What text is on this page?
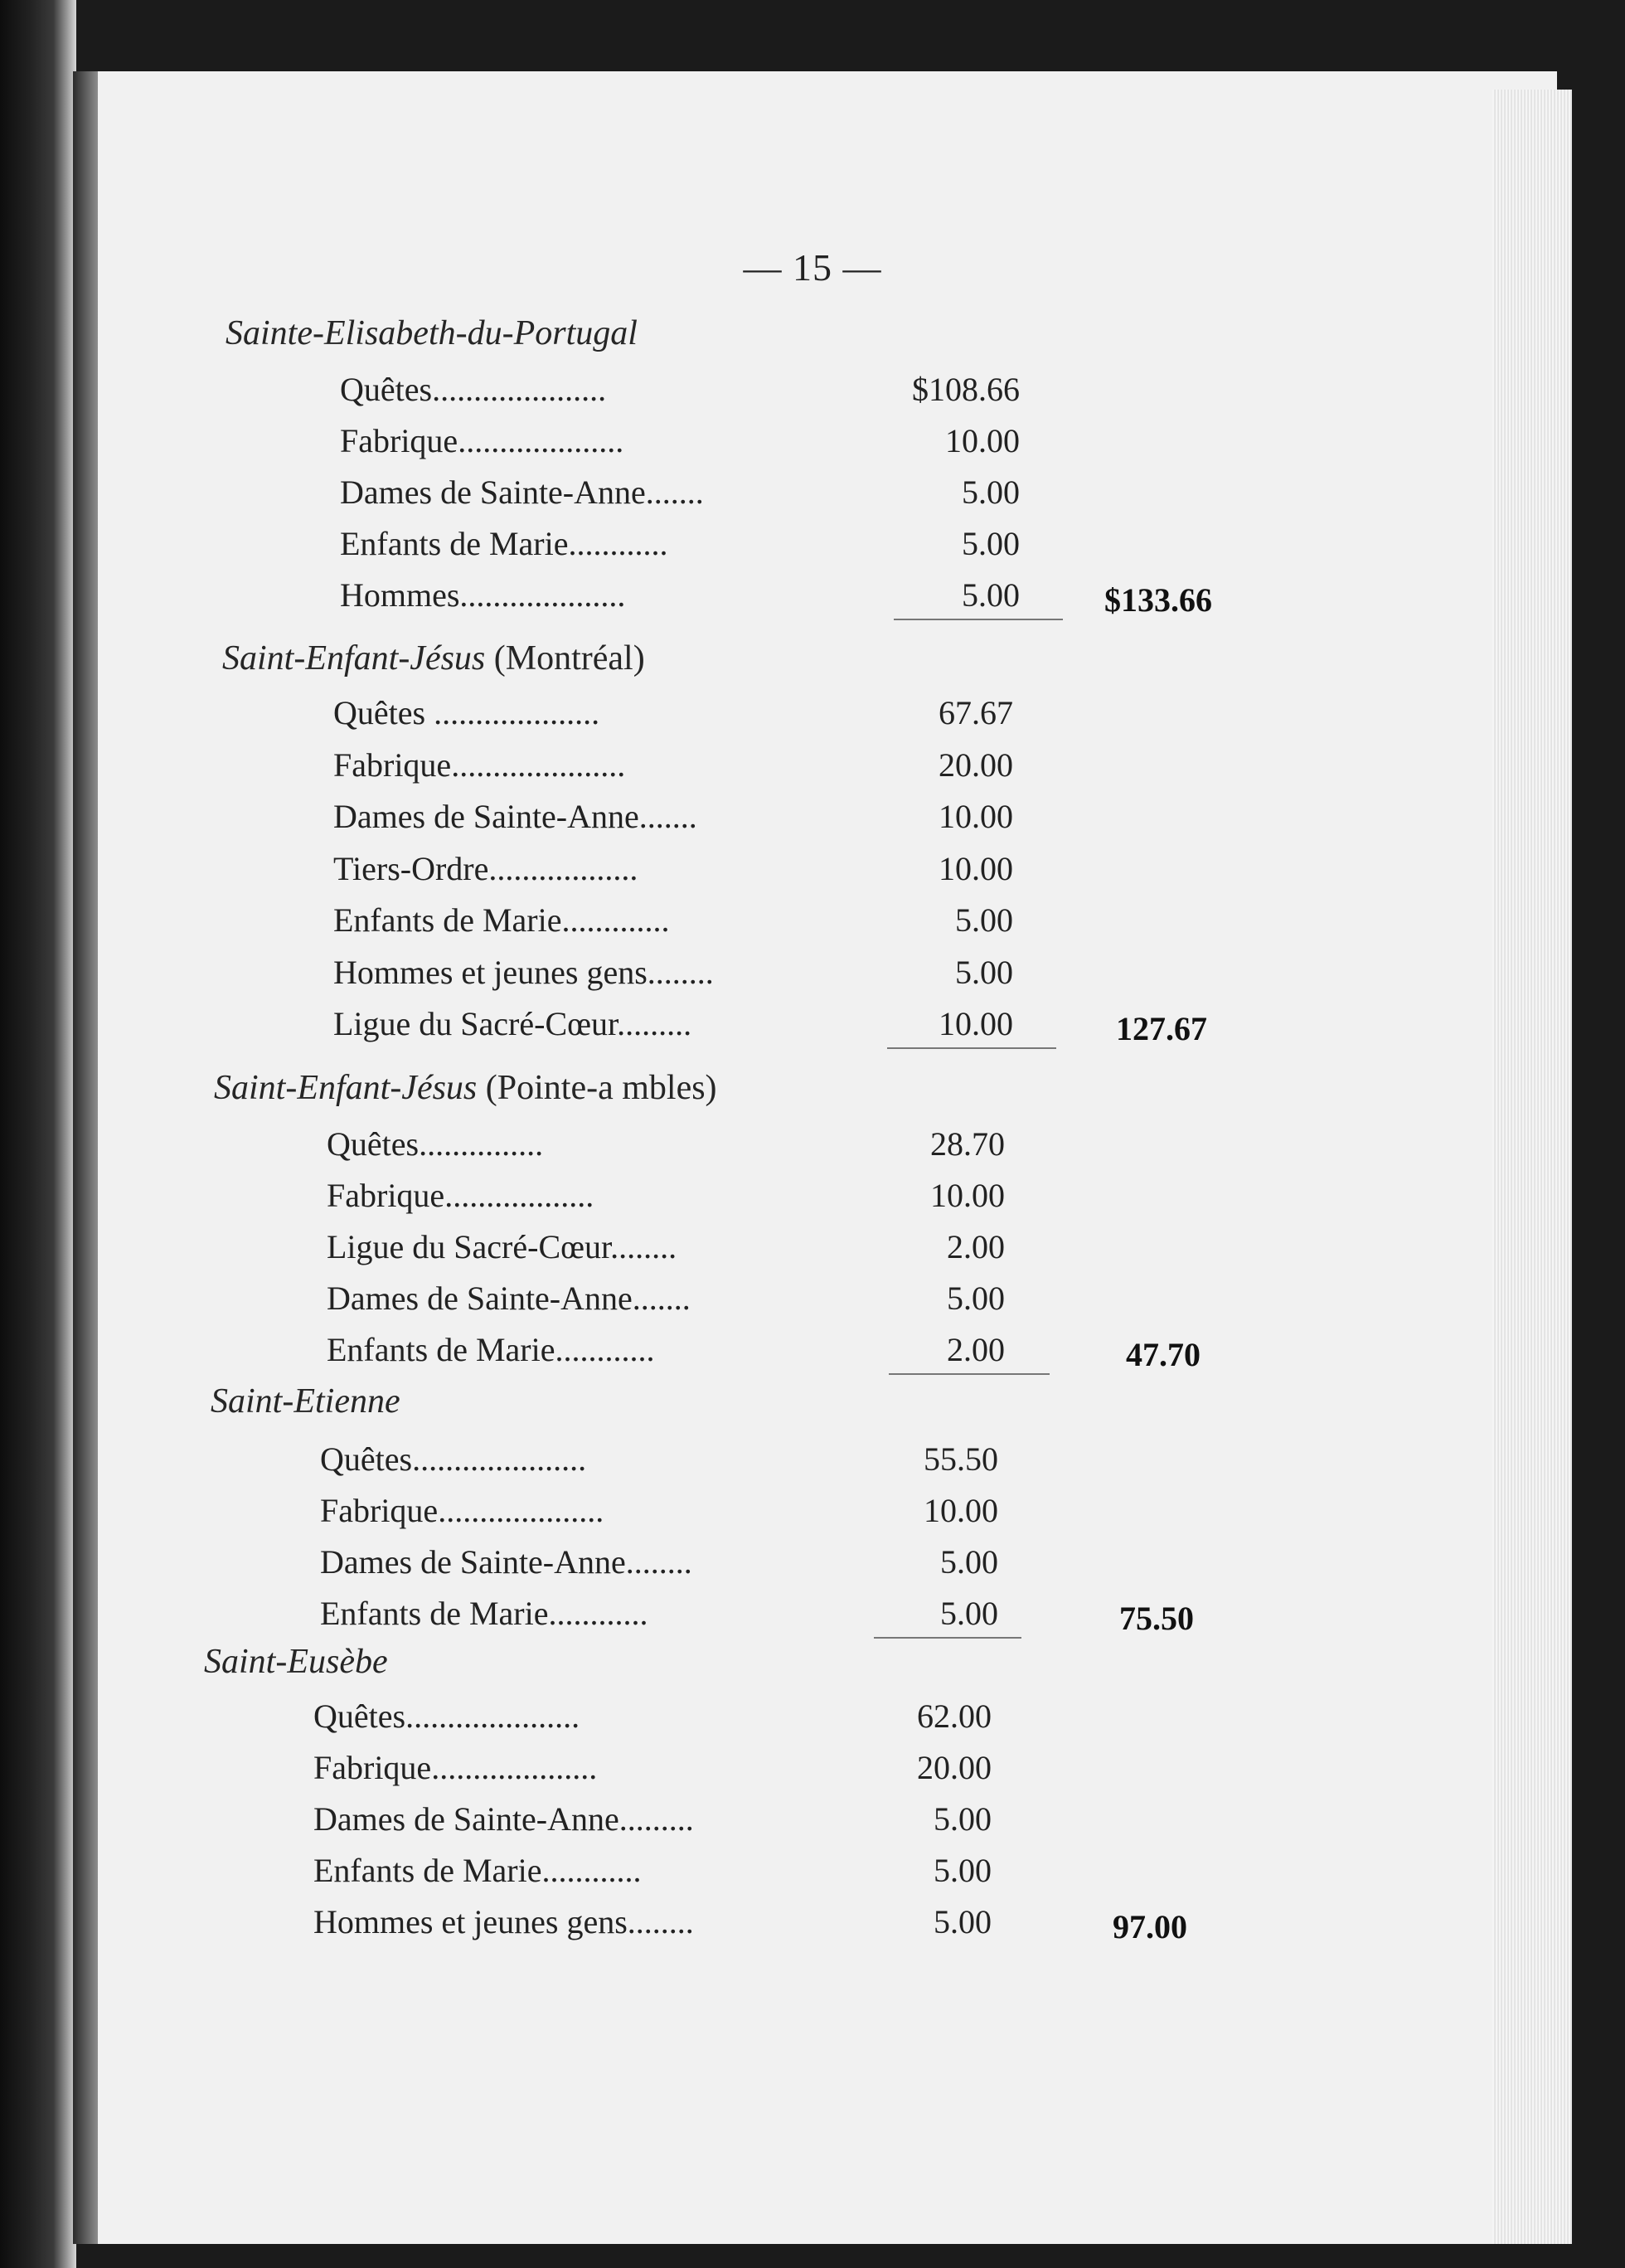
— 15 —
Sainte-Elisabeth-du-Portugal
Quêtes.....................	$108.66
Fabrique....................	10.00
Dames de Sainte-Anne.......	5.00
Enfants de Marie............	5.00
Hommes....................	5.00	$133.66
Saint-Enfant-Jésus (Montréal)
Quêtes ....................	67.67
Fabrique.....................	20.00
Dames de Sainte-Anne.......	10.00
Tiers-Ordre..................	10.00
Enfants de Marie.............	5.00
Hommes et jeunes gens........	5.00
Ligue du Sacré-Cœur.........	10.00	127.67
Saint-Enfant-Jésus (Pointe-a mbles)
Quêtes...............	28.70
Fabrique..................	10.00
Ligue du Sacré-Cœur........	2.00
Dames de Sainte-Anne.......	5.00
Enfants de Marie............	2.00	47.70
Saint-Etienne
Quêtes.....................	55.50
Fabrique....................	10.00
Dames de Sainte-Anne........	5.00
Enfants de Marie............	5.00	75.50
Saint-Eusèbe
Quêtes.....................	62.00
Fabrique....................	20.00
Dames de Sainte-Anne.........	5.00
Enfants de Marie............	5.00
Hommes et jeunes gens........	5.00	97.00
